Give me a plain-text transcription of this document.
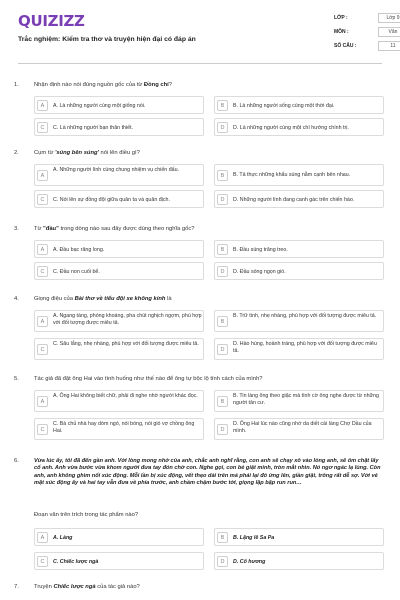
QUIZIZZ
Trắc nghiệm: Kiểm tra thơ và truyện hiện đại có đáp án
LỚP :	Lớp 9
MÔN :	Văn
SỐ CÂU :	11
1.	Nhận định nào nói đúng nguồn gốc của từ Đồng chí?
A	A. Là những người cùng một giống nòi.	B	B. Là những người sống cùng một thời đại.
C	C. Là những người bạn thân thiết.	D	D. Là những người cùng một chí hướng chính trị.
2.	Cụm từ 'súng bên súng' nói lên điều gì?
A
A. Những người lính cùng chung nhiệm vụ chiến đấu.
B	B. Tả thực những khẩu súng nằm cạnh bên nhau.
C	C. Nói lên sự đồng đội giữa quân ta và quân địch.	D	D. Những người lính đang canh gác trên chiến hào.
3.	Từ "đầu" trong dòng nào sau đây được dùng theo nghĩa gốc?
A	A. Đầu bạc răng long.	B	B. Đầu súng trăng treo.
C	C. Đầu non cuối bể.	D	D. Đầu sóng ngọn gió.
4.	Giọng điệu của Bài thơ về tiểu đội xe không kính là
A
A. Ngang tàng, phóng khoáng, pha chút nghịch ngợm, phù hợp với đối tượng được miêu tả.	B
B. Trữ tình, nhẹ nhàng, phù hợp với đối tượng được miêu tả.
C
C. Sâu lắng, nhẹ nhàng, phù hợp với đối tượng được miêu tả.
D
D. Hào hùng, hoành tráng, phù hợp với đối tượng được miêu tả.
5.	Tác giả đã đặt ông Hai vào tình huống như thế nào để ông tự bộc lộ tính cách của mình?
A
A. Ông Hai không biết chữ, phải đi nghe nhờ người khác đọc.
B
B. Tin làng ông theo giặc mà tình cờ ông nghe được từ những người tản cư.
C
C. Bà chủ nhà hay dòm ngó, nói bóng, nói gió vợ chồng ông Hai.	D
D. Ông Hai lúc nào cũng nhớ da diết cái làng Chợ Dầu của mình.
6.	Vừa lúc ấy, tôi đã đến gần anh. Với lòng mong nhớ của anh, chắc anh nghĩ rằng, con anh sẽ chạy xô vào lòng anh, sẽ ôm chặt lấy cổ anh. Anh vừa bước vừa khom người đưa tay đón chờ con. Nghe gọi, con bé giật mình, tròn mắt nhìn. Nó ngơ ngác lạ lùng. Còn anh, anh không ghìm nổi xúc động. Mỗi lần bị xúc động, vết thẹo dài trên má phải lại đỏ ửng lên, giần giật, trông rất dễ sợ. Với vẻ mặt xúc động ấy và hai tay vẫn đưa về phía trước, anh chầm chậm bước tới, giọng lặp bặp run run…
Đoạn văn trên trích trong tác phẩm nào?
A	A. Làng	B	B. Lặng lẽ Sa Pa
C	C. Chiếc lược ngà	D	D. Cố hương
7.	Truyện Chiếc lược ngà của tác giả nào?
